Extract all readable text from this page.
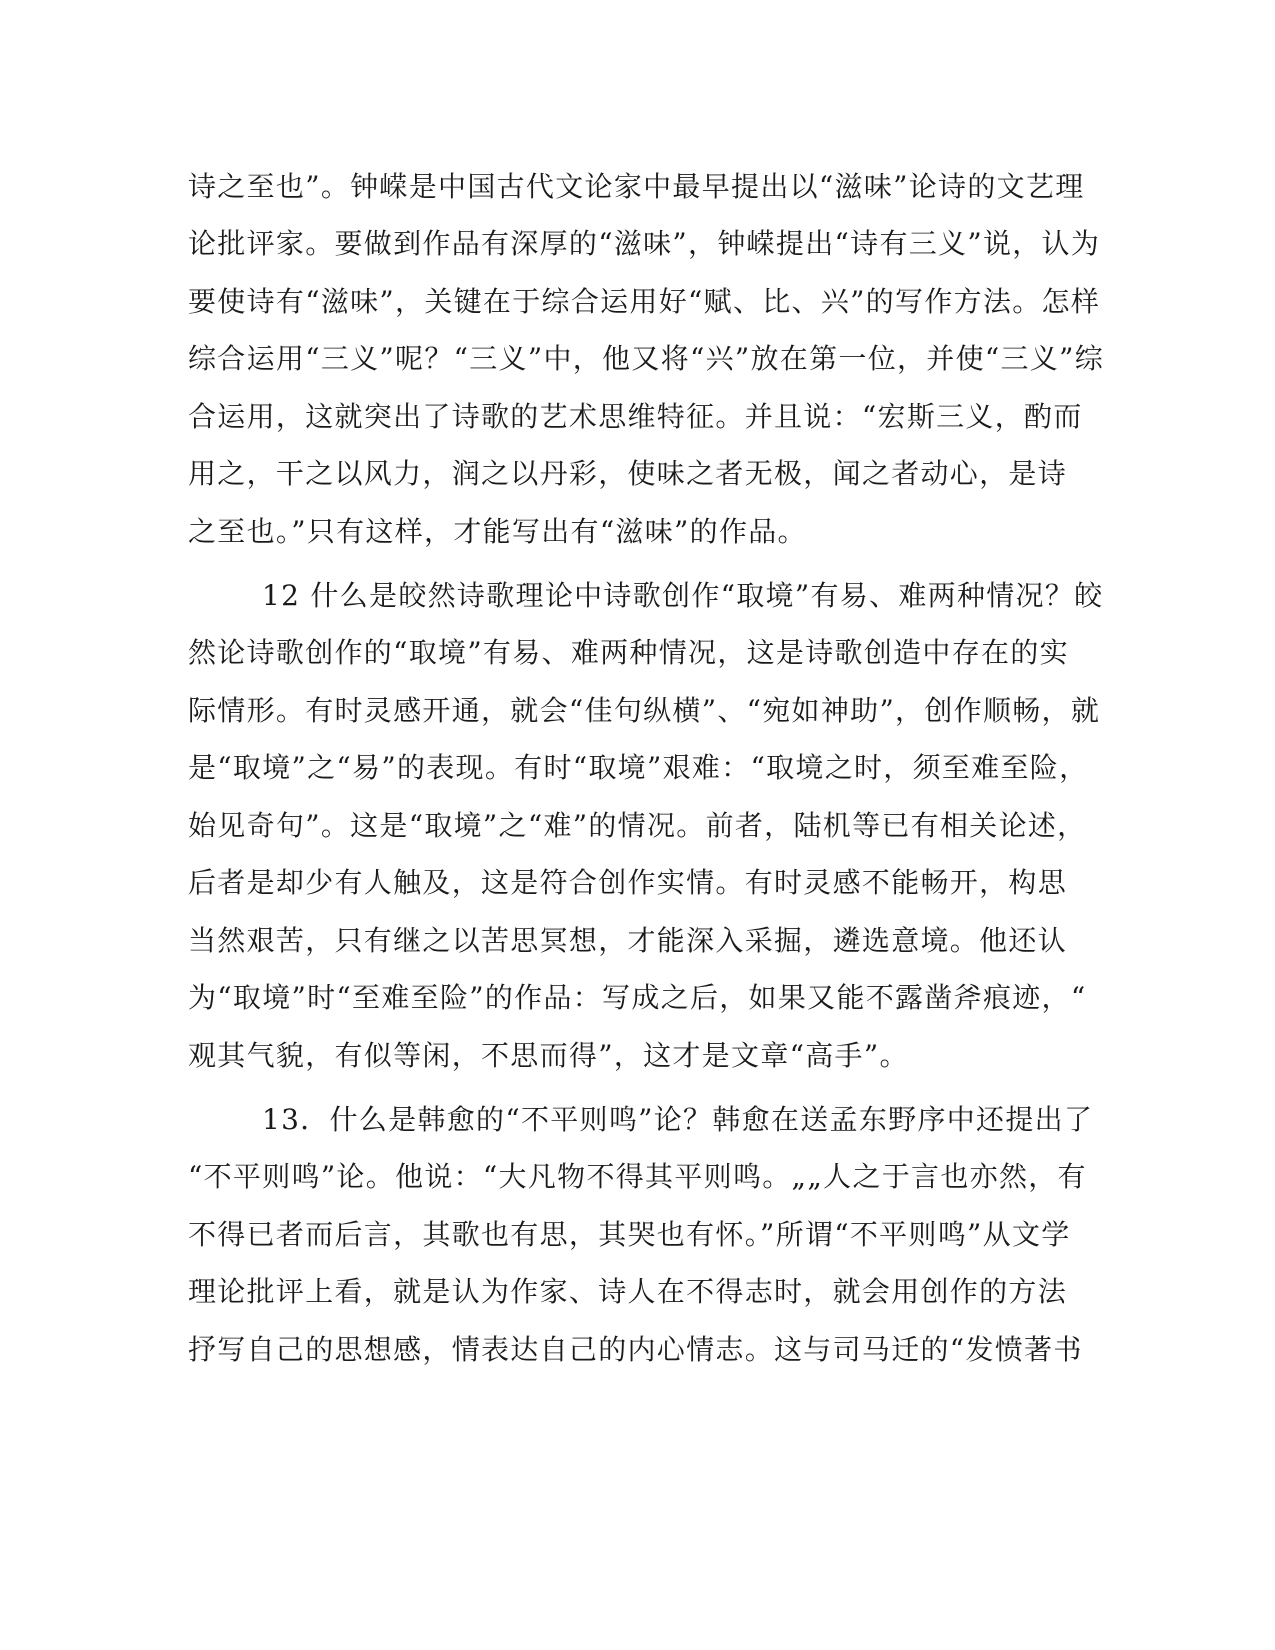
诗之至也”。钟嵘是中国古代文论家中最早提出以“滋味”论诗的文艺理
论批评家。要做到作品有深厚的“滋味”，钟嵘提出“诗有三义”说，认为
要使诗有“滋味”，关键在于综合运用好“赋、比、兴”的写作方法。怎样
综合运用“三义”呢？“三义”中，他又将“兴”放在第一位，并使“三义”综
合运用，这就突出了诗歌的艺术思维特征。并且说：“宏斯三义，酌而
用之，干之以风力，润之以丹彩，使味之者无极，闻之者动心，是诗
之至也。”只有这样，才能写出有“滋味”的作品。
12 什么是皎然诗歌理论中诗歌创作“取境”有易、难两种情况？皎
然论诗歌创作的“取境”有易、难两种情况，这是诗歌创造中存在的实
际情形。有时灵感开通，就会“佳句纵横”、“宛如神助”，创作顺畅，就
是“取境”之“易”的表现。有时“取境”艰难：“取境之时，须至难至险，
始见奇句”。这是“取境”之“难”的情况。前者，陆机等已有相关论述，
后者是却少有人触及，这是符合创作实情。有时灵感不能畅开，构思
当然艰苦，只有继之以苦思冥想，才能深入采掘，遴选意境。他还认
为“取境”时“至难至险”的作品：写成之后，如果又能不露凿斧痕迹，“
观其气貌，有似等闲，不思而得”，这才是文章“高手”。
13．什么是韩愈的“不平则鸣”论？韩愈在送孟东野序中还提出了
“不平则鸣”论。他说：“大凡物不得其平则鸣。„„人之于言也亦然，有
不得已者而后言，其歌也有思，其哭也有怀。”所谓“不平则鸣”从文学
理论批评上看，就是认为作家、诗人在不得志时，就会用创作的方法
抒写自己的思想感，情表达自己的内心情志。这与司马迁的“发愤著书
